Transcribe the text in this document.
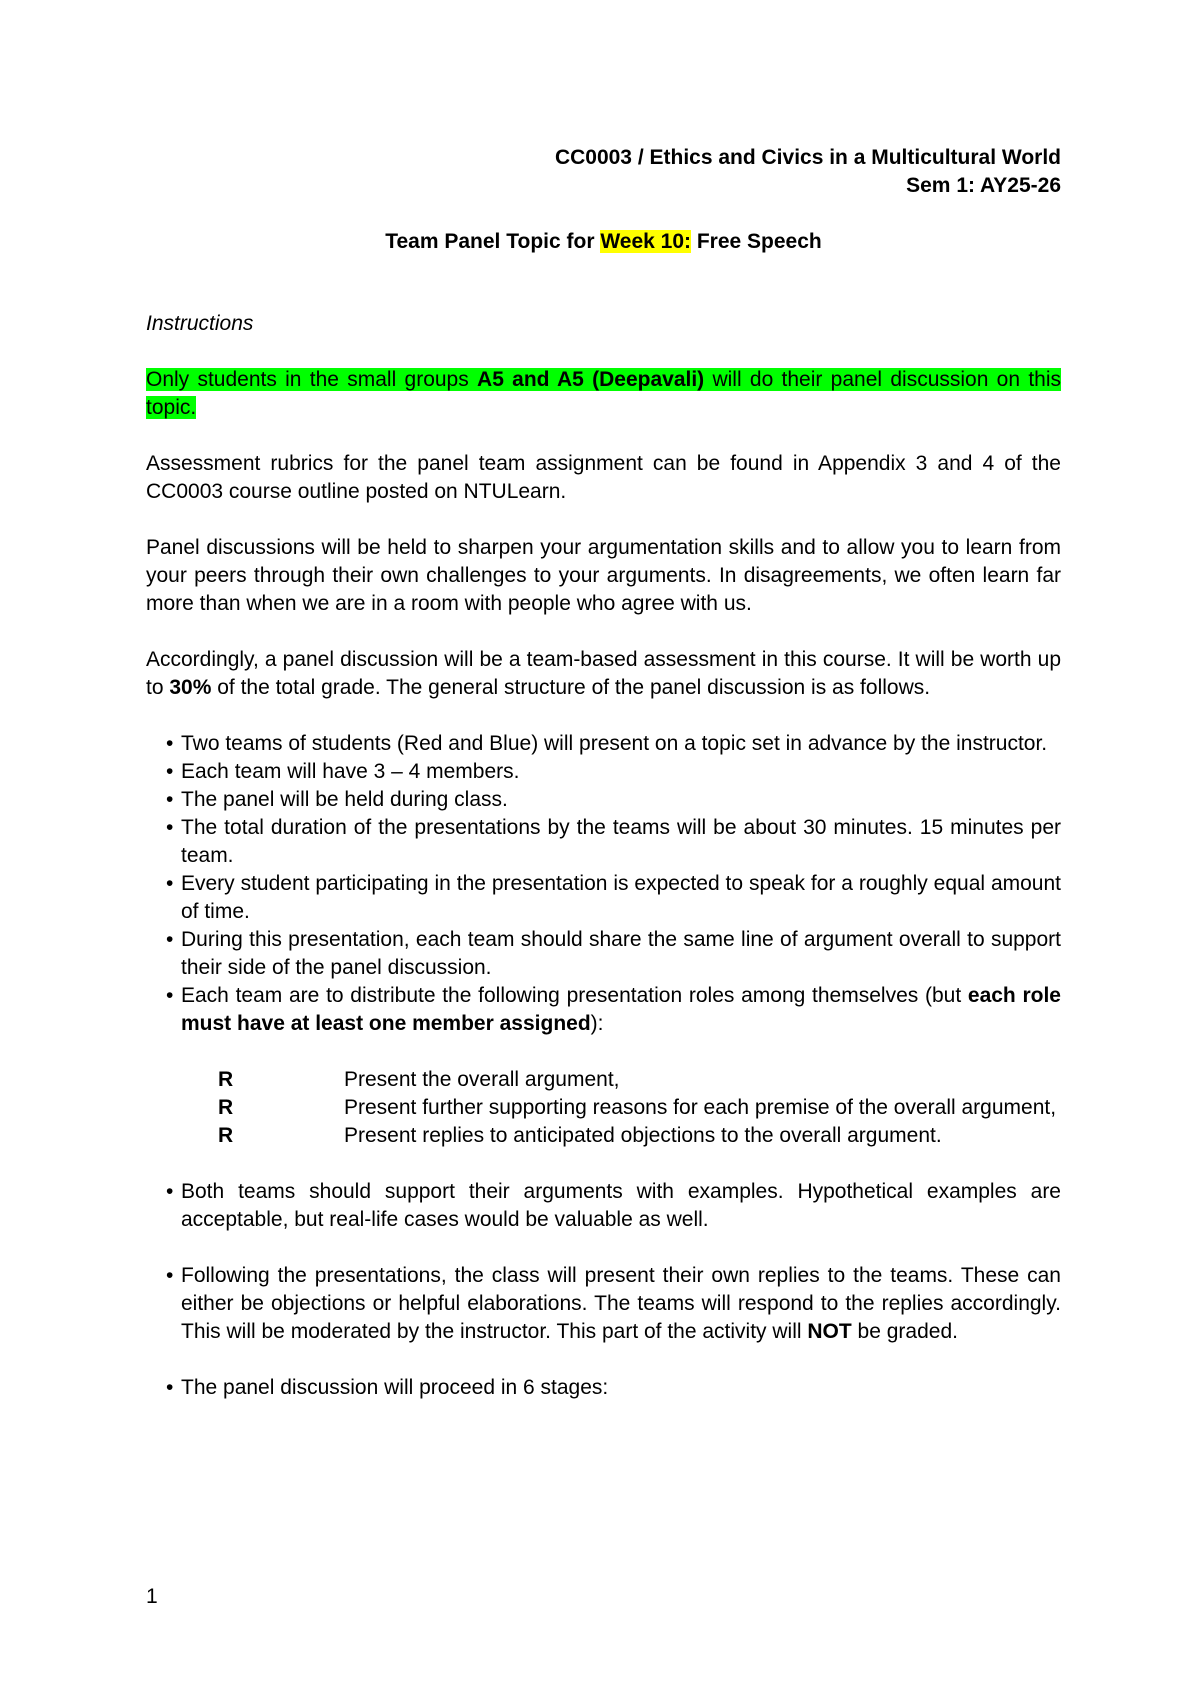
CC0003 / Ethics and Civics in a Multicultural World

Sem 1: AY25-26

Team Panel Topic for Week 10: Free Speech

Instructions

Only students in the small groups A5 and A5 (Deepavali) will do their panel discussion on this topic.

Assessment rubrics for the panel team assignment can be found in Appendix 3 and 4 of the CC0003 course outline posted on NTULearn.

Panel discussions will be held to sharpen your argumentation skills and to allow you to learn from your peers through their own challenges to your arguments. In disagreements, we often learn far more than when we are in a room with people who agree with us.

Accordingly, a panel discussion will be a team-based assessment in this course. It will be worth up to 30% of the total grade. The general structure of the panel discussion is as follows.

• Two teams of students (Red and Blue) will present on a topic set in advance by the instructor.
• Each team will have 3 – 4 members.
• The panel will be held during class.
• The total duration of the presentations by the teams will be about 30 minutes. 15 minutes per team.
• Every student participating in the presentation is expected to speak for a roughly equal amount of time.
• During this presentation, each team should share the same line of argument overall to support their side of the panel discussion.
• Each team are to distribute the following presentation roles among themselves (but each role must have at least one member assigned):
R	Present the overall argument,
R	Present further supporting reasons for each premise of the overall argument,
R	Present replies to anticipated objections to the overall argument.
• Both teams should support their arguments with examples. Hypothetical examples are acceptable, but real-life cases would be valuable as well.
• Following the presentations, the class will present their own replies to the teams. These can either be objections or helpful elaborations. The teams will respond to the replies accordingly. This will be moderated by the instructor. This part of the activity will NOT be graded.
• The panel discussion will proceed in 6 stages:
1
